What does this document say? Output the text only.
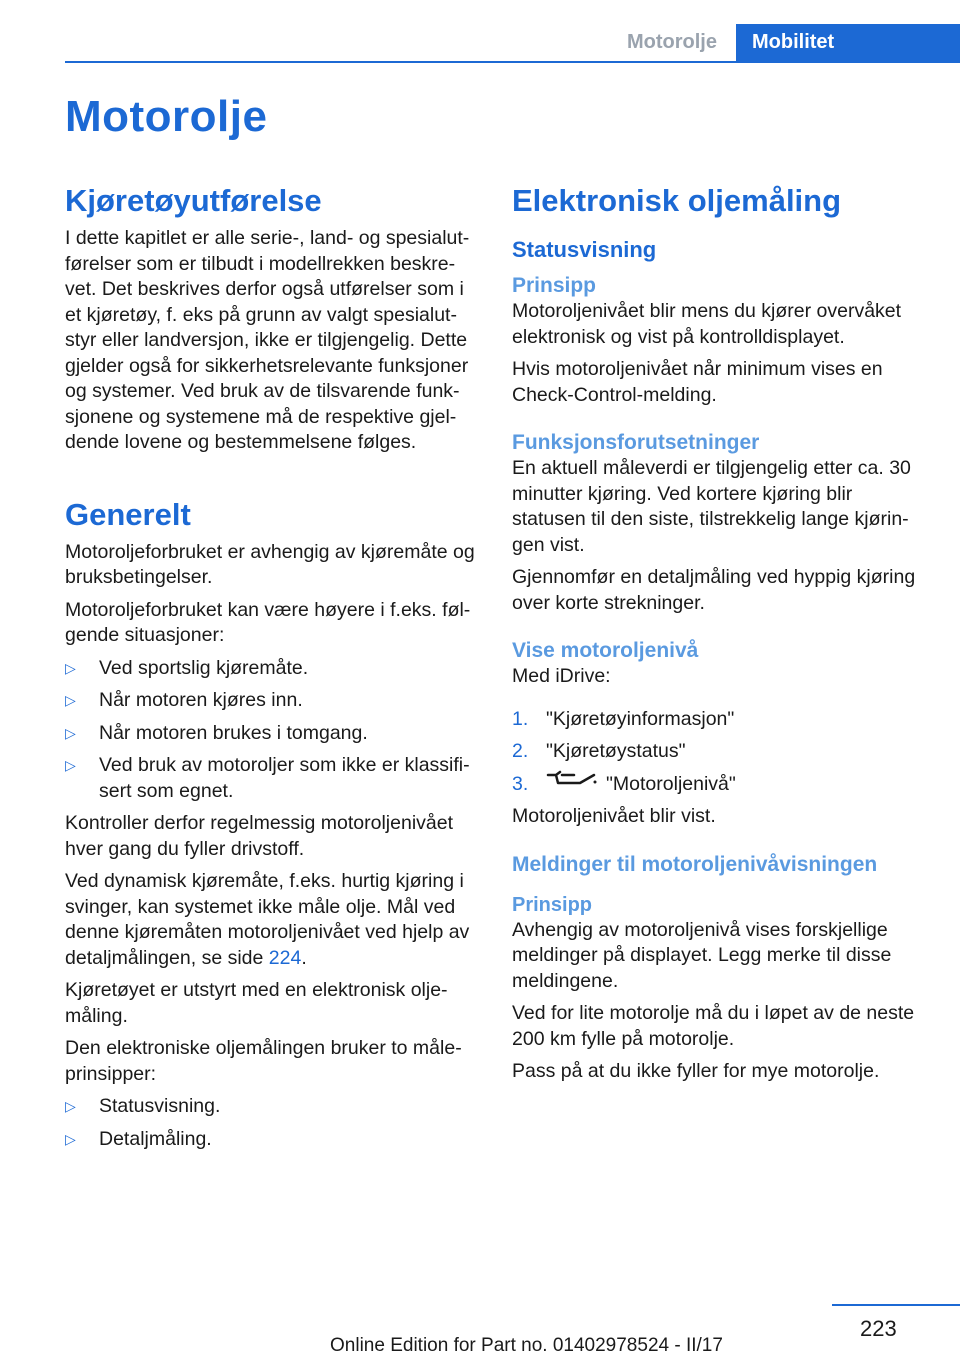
Motorolje	Mobilitet
Motorolje
Kjøretøyutførelse

I dette kapitlet er alle serie-, land- og spesialut-førelser som er tilbudt i modellrekken beskre-vet. Det beskrives derfor også utførelser som i et kjøretøy, f. eks på grunn av valgt spesialut-styr eller landversjon, ikke er tilgjengelig. Dette gjelder også for sikkerhetsrelevante funksjoner og systemer. Ved bruk av de tilsvarende funk-sjonene og systemene må de respektive gjel-dende lovene og bestemmelsene følges.

Generelt

Motoroljeforbruket er avhengig av kjøremåte og bruksbetingelser.

Motoroljeforbruket kan være høyere i f.eks. føl-gende situasjoner:

▷ Ved sportslig kjøremåte.
▷ Når motoren kjøres inn.
▷ Når motoren brukes i tomgang.
▷ Ved bruk av motoroljer som ikke er klassifi-sert som egnet.

Kontroller derfor regelmessig motoroljenivået hver gang du fyller drivstoff.

Ved dynamisk kjøremåte, f.eks. hurtig kjøring i svinger, kan systemet ikke måle olje. Mål ved denne kjøremåten motoroljenivået ved hjelp av detaljmålingen, se side 224.

Kjøretøyet er utstyrt med en elektronisk olje-måling.

Den elektroniske oljemålingen bruker to måle-prinsipper:

▷ Statusvisning.
▷ Detaljmåling.
Elektronisk oljemåling
Statusvisning
Prinsipp

Motoroljenivået blir mens du kjører overvåket elektronisk og vist på kontrolldisplayet.

Hvis motoroljenivået når minimum vises en Check-Control-melding.

Funksjonsforutsetninger

En aktuell måleverdi er tilgjengelig etter ca. 30 minutter kjøring. Ved kortere kjøring blir statusen til den siste, tilstrekkelig lange kjørin-gen vist.

Gjennomfør en detaljmåling ved hyppig kjøring over korte strekninger.

Vise motoroljenivå

Med iDrive:

1. "Kjøretøyinformasjon"
2. "Kjøretøystatus"
3.	"Motoroljenivå"

Motoroljenivået blir vist.

Meldinger til motoroljenivåvisningen
Prinsipp

Avhengig av motoroljenivå vises forskjellige meldinger på displayet. Legg merke til disse meldingene.

Ved for lite motorolje må du i løpet av de neste 200 km fylle på motorolje.

Pass på at du ikke fyller for mye motorolje.

223
Online Edition for Part no. 01402978524 - II/17
